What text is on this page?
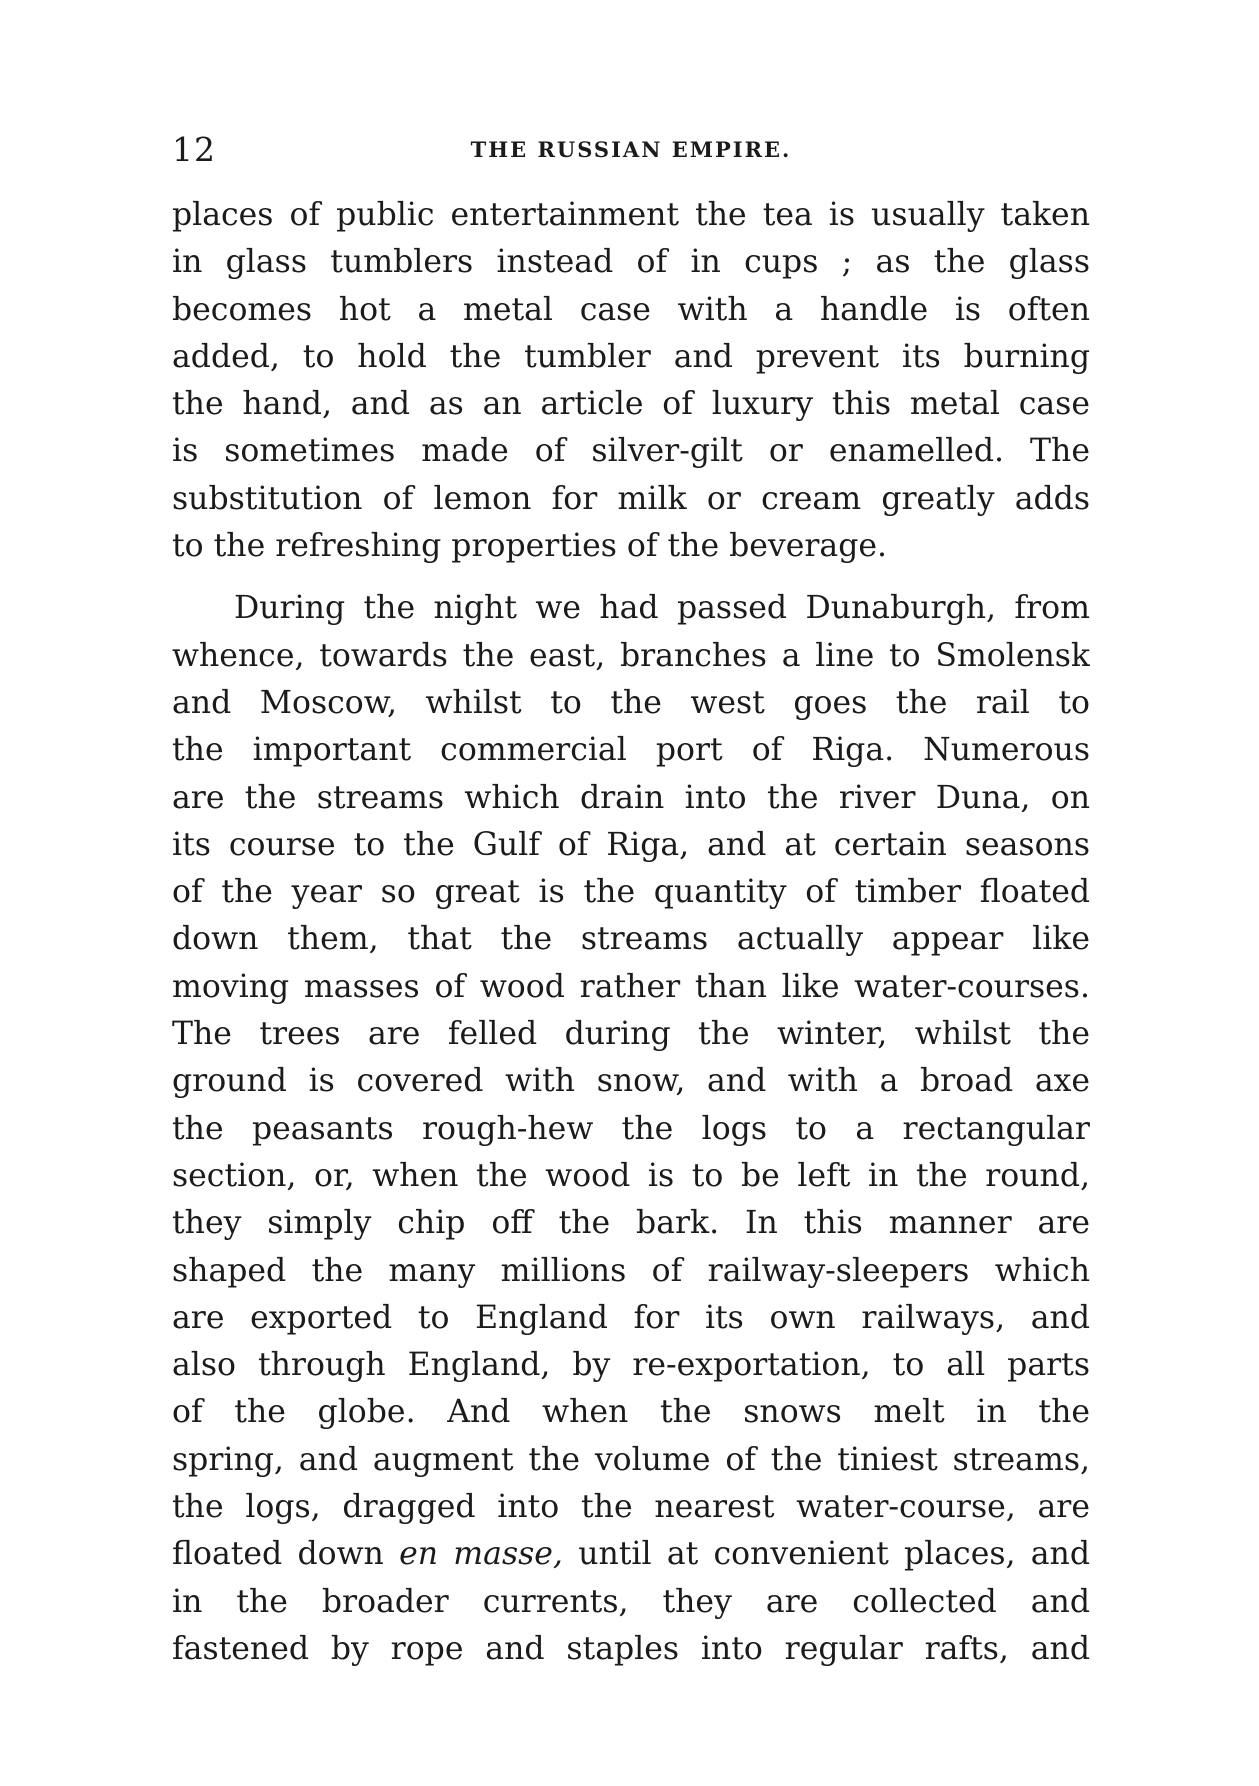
12	THE RUSSIAN EMPIRE.
places of public entertainment the tea is usually taken
in glass tumblers instead of in cups ; as the glass
becomes hot a metal case with a handle is often
added, to hold the tumbler and prevent its burning
the hand, and as an article of luxury this metal case
is sometimes made of silver-gilt or enamelled. The
substitution of lemon for milk or cream greatly adds
to the refreshing properties of the beverage.
During the night we had passed Dunaburgh, from
whence, towards the east, branches a line to Smolensk
and Moscow, whilst to the west goes the rail to
the important commercial port of Riga. Numerous
are the streams which drain into the river Duna, on
its course to the Gulf of Riga, and at certain seasons
of the year so great is the quantity of timber floated
down them, that the streams actually appear like
moving masses of wood rather than like water-courses.
The trees are felled during the winter, whilst the
ground is covered with snow, and with a broad axe
the peasants rough-hew the logs to a rectangular
section, or, when the wood is to be left in the round,
they simply chip off the bark. In this manner are
shaped the many millions of railway-sleepers which
are exported to England for its own railways, and
also through England, by re-exportation, to all parts
of the globe. And when the snows melt in the
spring, and augment the volume of the tiniest streams,
the logs, dragged into the nearest water-course, are
floated down en masse, until at convenient places, and
in the broader currents, they are collected and
fastened by rope and staples into regular rafts, and
